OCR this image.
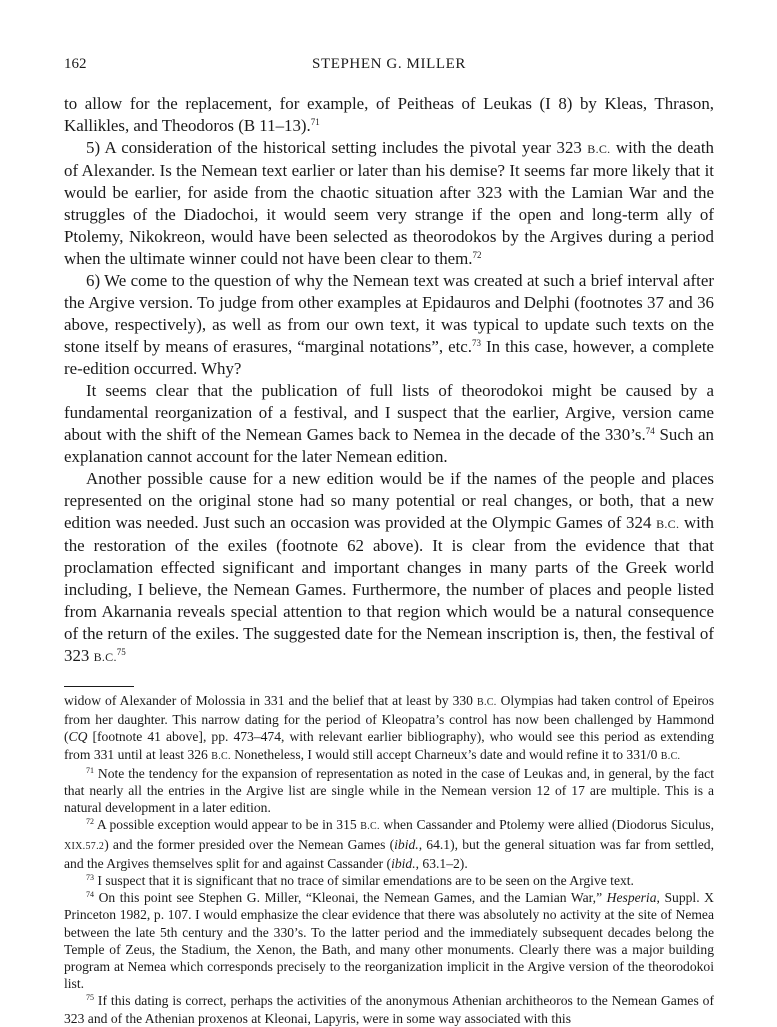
162	STEPHEN G. MILLER

to allow for the replacement, for example, of Peitheas of Leukas (I 8) by Kleas, Thrason, Kallikles, and Theodoros (B 11–13).$^{71}$

5) A consideration of the historical setting includes the pivotal year 323 B.C. with the death of Alexander. Is the Nemean text earlier or later than his demise? It seems far more likely that it would be earlier, for aside from the chaotic situation after 323 with the Lamian War and the struggles of the Diadochoi, it would seem very strange if the open and long-term ally of Ptolemy, Nikokreon, would have been selected as theorodokos by the Argives during a period when the ultimate winner could not have been clear to them.$^{72}$

6) We come to the question of why the Nemean text was created at such a brief interval after the Argive version. To judge from other examples at Epidauros and Delphi (footnotes 37 and 36 above, respectively), as well as from our own text, it was typical to update such texts on the stone itself by means of erasures, “marginal notations”, etc.$^{73}$ In this case, however, a complete re-edition occurred. Why?

It seems clear that the publication of full lists of theorodokoi might be caused by a fundamental reorganization of a festival, and I suspect that the earlier, Argive, version came about with the shift of the Nemean Games back to Nemea in the decade of the 330’s.$^{74}$ Such an explanation cannot account for the later Nemean edition.

Another possible cause for a new edition would be if the names of the people and places represented on the original stone had so many potential or real changes, or both, that a new edition was needed. Just such an occasion was provided at the Olympic Games of 324 B.C. with the restoration of the exiles (footnote 62 above). It is clear from the evidence that that proclamation effected significant and important changes in many parts of the Greek world including, I believe, the Nemean Games. Furthermore, the number of places and people listed from Akarnania reveals special attention to that region which would be a natural consequence of the return of the exiles. The suggested date for the Nemean inscription is, then, the festival of 323 B.C.$^{75}$

widow of Alexander of Molossia in 331 and the belief that at least by 330 B.C. Olympias had taken control of Epeiros from her daughter. This narrow dating for the period of Kleopatra’s control has now been challenged by Hammond (CQ [footnote 41 above], pp. 473–474, with relevant earlier bibliography), who would see this period as extending from 331 until at least 326 B.C. Nonetheless, I would still accept Charneux’s date and would refine it to 331/0 B.C.

$^{71}$ Note the tendency for the expansion of representation as noted in the case of Leukas and, in general, by the fact that nearly all the entries in the Argive list are single while in the Nemean version 12 of 17 are multiple. This is a natural development in a later edition.

$^{72}$ A possible exception would appear to be in 315 B.C. when Cassander and Ptolemy were allied (Diodorus Siculus, XIX.57.2) and the former presided over the Nemean Games (ibid., 64.1), but the general situation was far from settled, and the Argives themselves split for and against Cassander (ibid., 63.1–2).

$^{73}$ I suspect that it is significant that no trace of similar emendations are to be seen on the Argive text.

$^{74}$ On this point see Stephen G. Miller, “Kleonai, the Nemean Games, and the Lamian War,” Hesperia, Suppl. X Princeton 1982, p. 107. I would emphasize the clear evidence that there was absolutely no activity at the site of Nemea between the late 5th century and the 330’s. To the latter period and the immediately subsequent decades belong the Temple of Zeus, the Stadium, the Xenon, the Bath, and many other monuments. Clearly there was a major building program at Nemea which corresponds precisely to the reorganization implicit in the Argive version of the theorodokoi list.

$^{75}$ If this dating is correct, perhaps the activities of the anonymous Athenian architheoros to the Nemean Games of 323 and of the Athenian proxenos at Kleonai, Lapyris, were in some way associated with this
